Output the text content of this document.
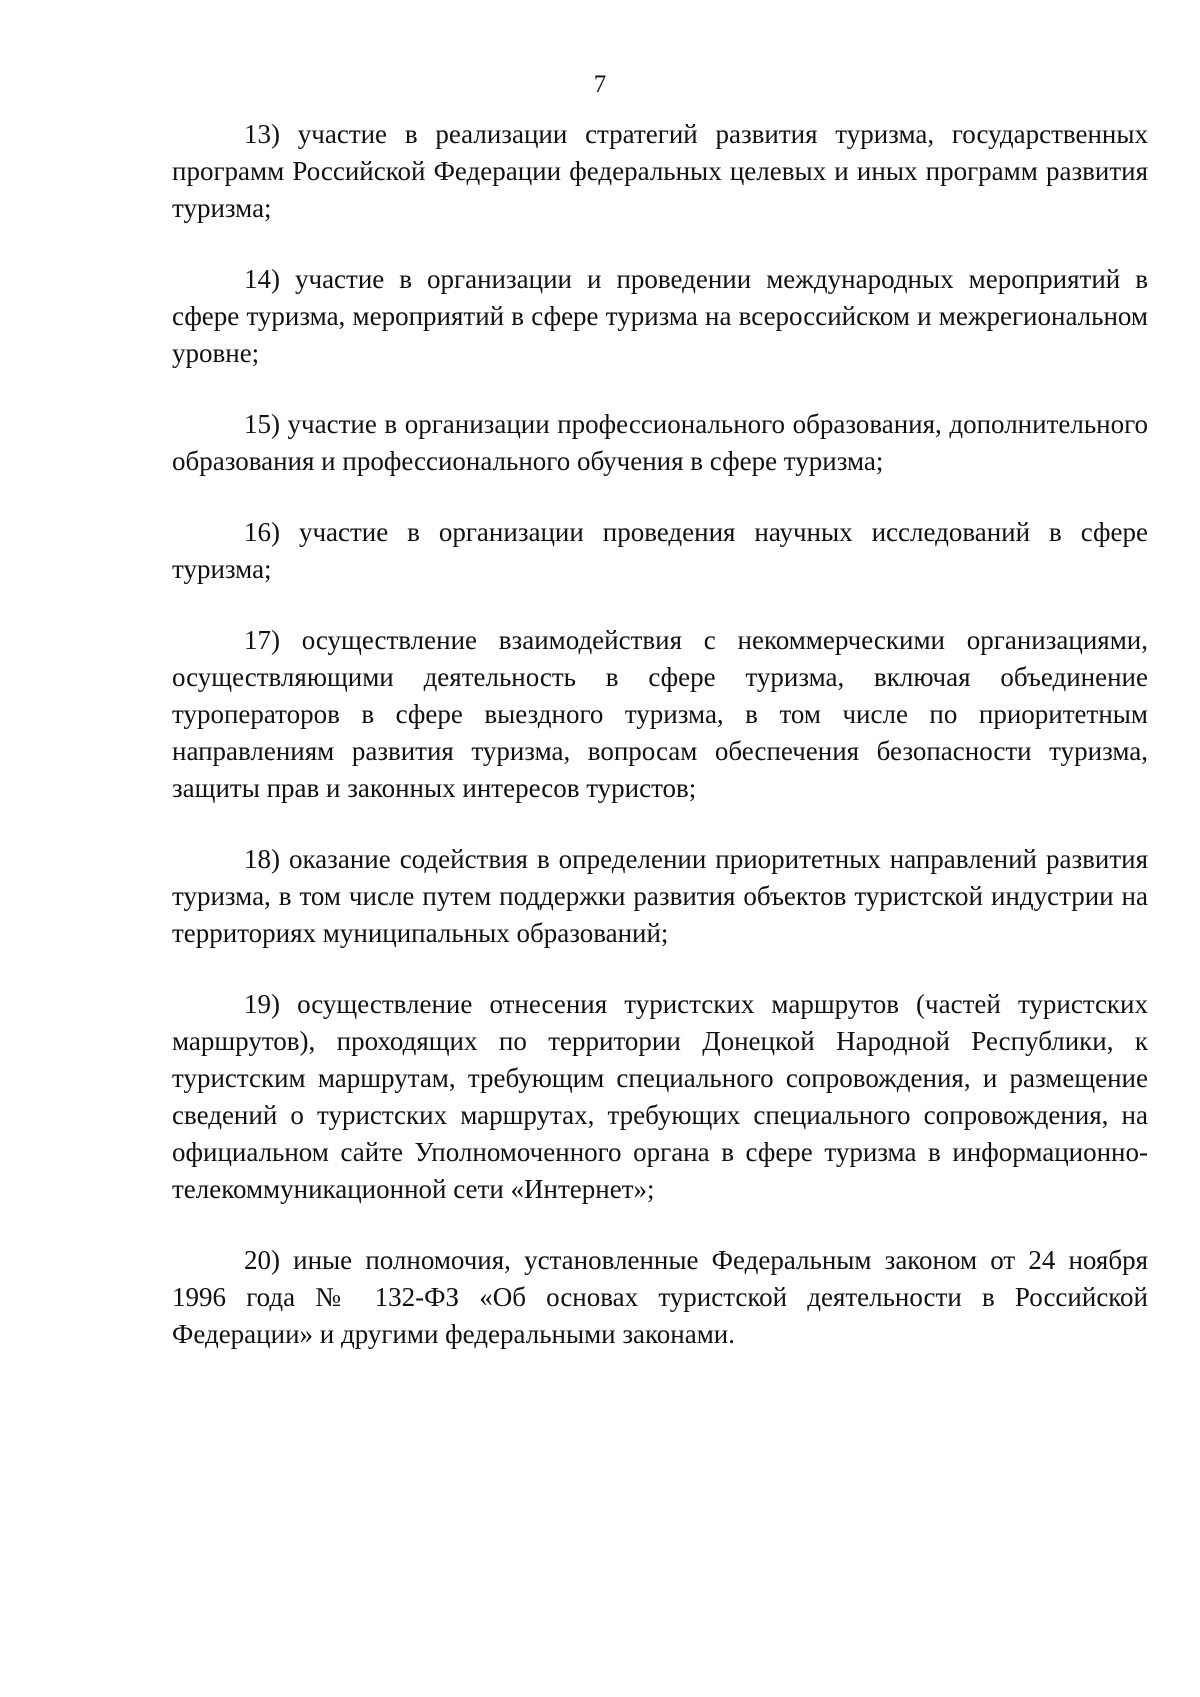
7

13) участие в реализации стратегий развития туризма, государственных программ Российской Федерации федеральных целевых и иных программ развития туризма;

14) участие в организации и проведении международных мероприятий в сфере туризма, мероприятий в сфере туризма на всероссийском и межрегиональном уровне;

15) участие в организации профессионального образования, дополнительного образования и профессионального обучения в сфере туризма;

16) участие в организации проведения научных исследований в сфере туризма;

17) осуществление взаимодействия с некоммерческими организациями, осуществляющими деятельность в сфере туризма, включая объединение туроператоров в сфере выездного туризма, в том числе по приоритетным направлениям развития туризма, вопросам обеспечения безопасности туризма, защиты прав и законных интересов туристов;

18) оказание содействия в определении приоритетных направлений развития туризма, в том числе путем поддержки развития объектов туристской индустрии на территориях муниципальных образований;

19) осуществление отнесения туристских маршрутов (частей туристских маршрутов), проходящих по территории Донецкой Народной Республики, к туристским маршрутам, требующим специального сопровождения, и размещение сведений о туристских маршрутах, требующих специального сопровождения, на официальном сайте Уполномоченного органа в сфере туризма в информационно-телекоммуникационной сети «Интернет»;

20) иные полномочия, установленные Федеральным законом от 24 ноября 1996 года № 132-ФЗ «Об основах туристской деятельности в Российской Федерации» и другими федеральными законами.
